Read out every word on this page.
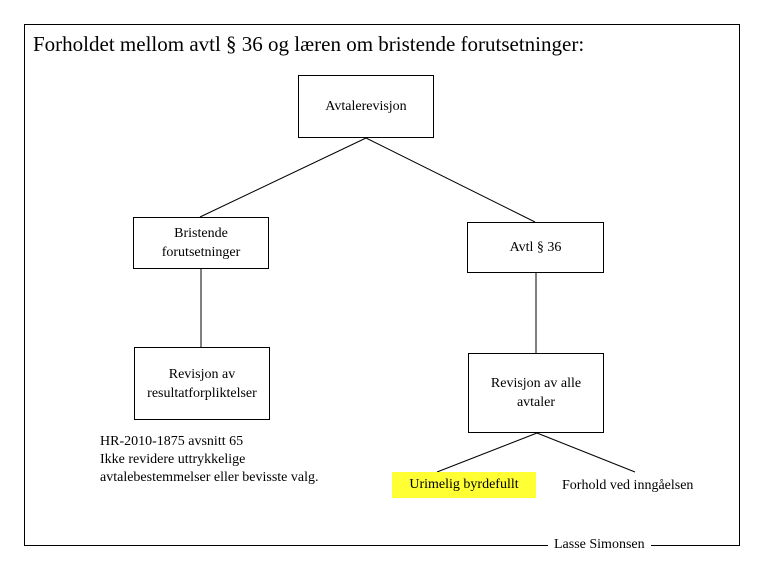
Forholdet mellom avtl § 36 og læren om bristende forutsetninger:
Avtalerevisjon
Bristende
forutsetninger	Avtl § 36
Revisjon av
resultatforpliktelser
Revisjon av alle
avtaler
HR-2010-1875 avsnitt 65
Ikke revidere uttrykkelige
avtalebestemmelser eller bevisste valg.	Urimelig byrdefullt	Forhold ved inngåelsen
Lasse Simonsen
